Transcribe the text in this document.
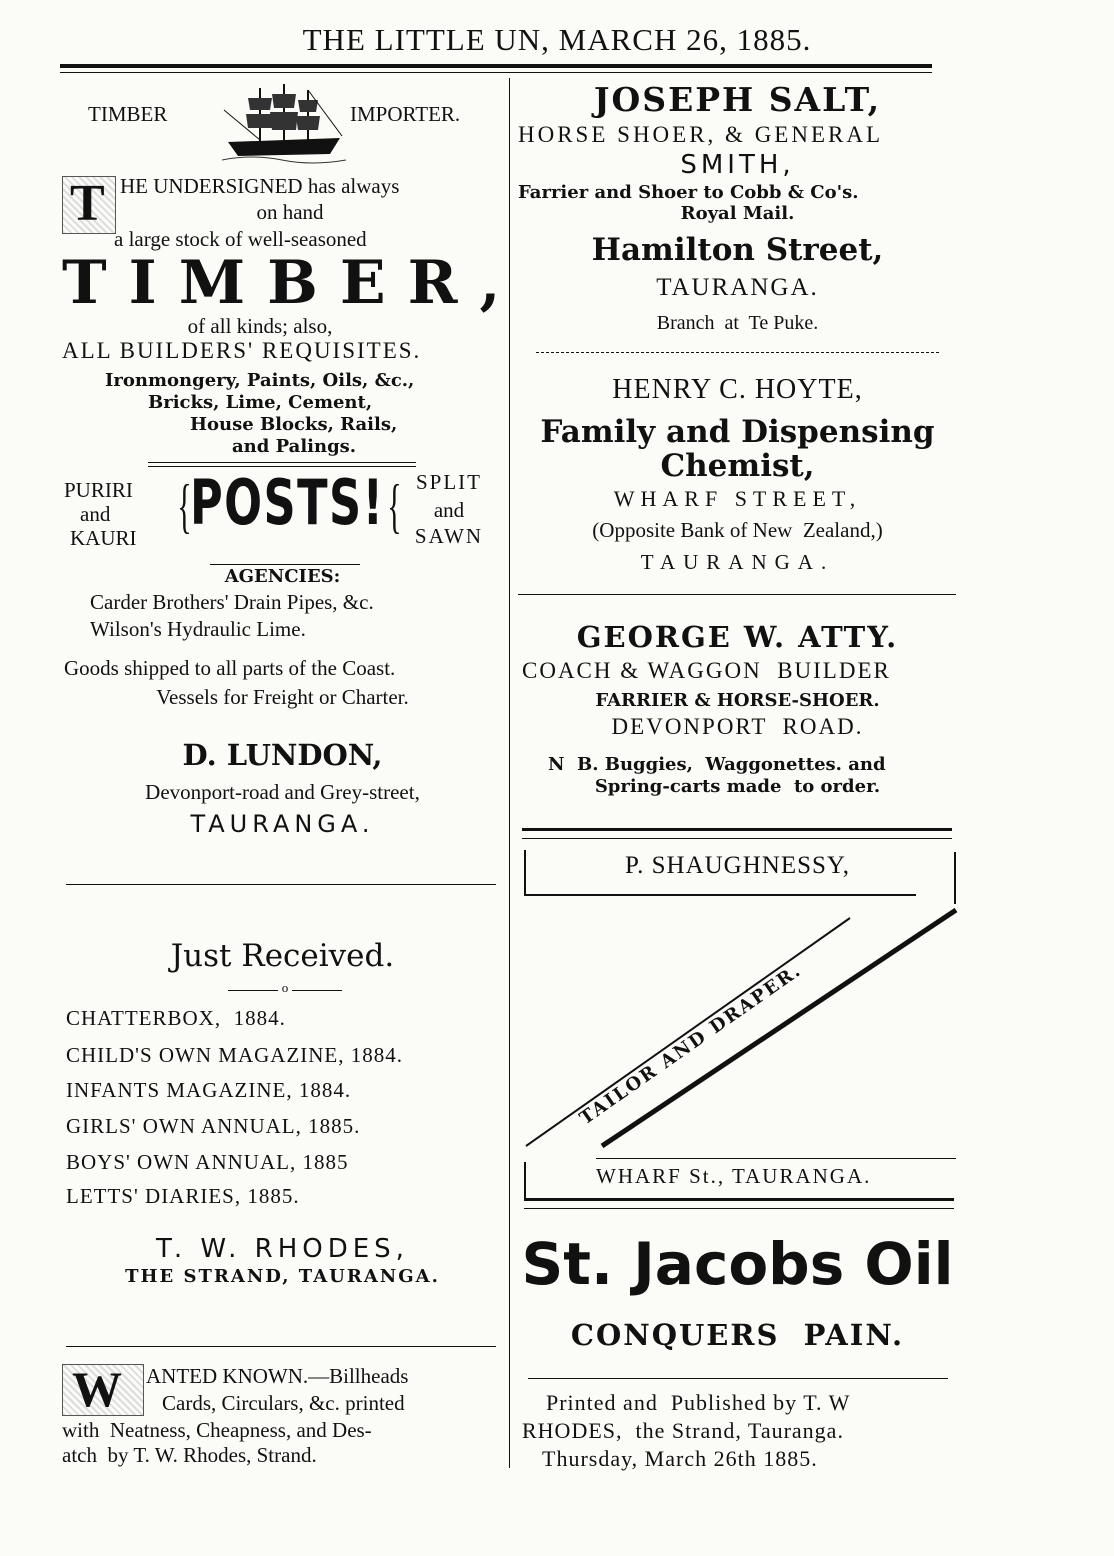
THE LITTLE UN, MARCH 26, 1885.
TIMBER	IMPORTER.
T HE UNDERSIGNED has always
on hand
a large stock of well-seasoned
TIMBER,
of all kinds; also,
ALL BUILDERS' REQUISITES.
Ironmongery, Paints, Oils, &c.,
Bricks, Lime, Cement,
House Blocks, Rails,
and Palings.
PURIRI
and
KAURI {
POSTS! { SPLIT
and
SAWN
AGENCIES:
Carder Brothers' Drain Pipes, &c.
Wilson's Hydraulic Lime.
Goods shipped to all parts of the Coast.
Vessels for Freight or Charter.
D. LUNDON,
Devonport-road and Grey-street,
TAURANGA.
Just Received.
o
CHATTERBOX,  1884.
CHILD'S OWN MAGAZINE, 1884.
INFANTS MAGAZINE, 1884.
GIRLS' OWN ANNUAL, 1885.
BOYS' OWN ANNUAL, 1885
LETTS' DIARIES, 1885.
T. W. RHODES,
THE STRAND, TAURANGA.
W ANTED KNOWN.—Billheads
Cards, Circulars, &c. printed
with  Neatness, Cheapness, and Des-
atch  by T. W. Rhodes, Strand.
JOSEPH SALT,
HORSE SHOER, & GENERAL
SMITH,
Farrier and Shoer to Cobb & Co's.
Royal Mail.
Hamilton Street,
TAURANGA.
Branch  at  Te Puke.
HENRY C. HOYTE,
Family and Dispensing
Chemist,
WHARF STREET,
(Opposite Bank of New  Zealand,)
TAURANGA.
GEORGE W. ATTY.
COACH & WAGGON  BUILDER
FARRIER & HORSE-SHOER.
DEVONPORT  ROAD.
N  B. Buggies,  Waggonettes. and
Spring-carts made  to order.
P. SHAUGHNESSY,
TAILOR AND DRAPER.
WHARF St., TAURANGA.
St. Jacobs Oil
CONQUERS  PAIN.
Printed and  Published by T. W
RHODES,  the Strand, Tauranga.
Thursday, March 26th 1885.
